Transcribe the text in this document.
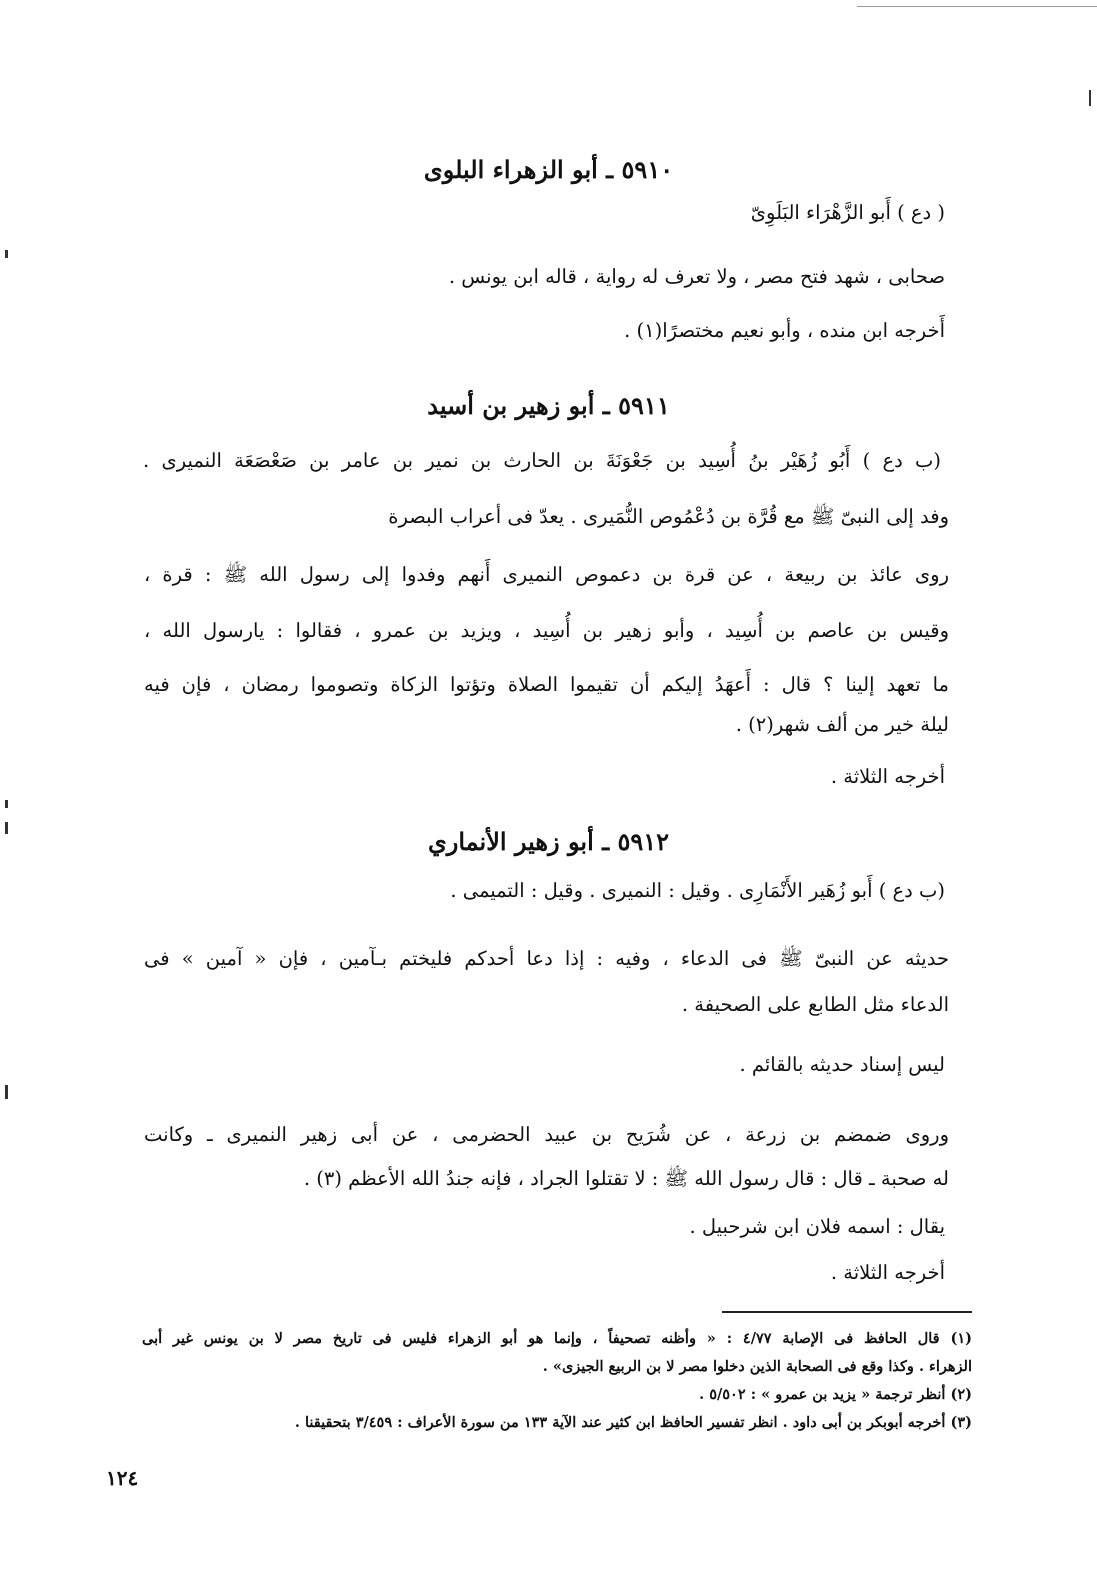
٥٩١٠ ـ أبو الزهراء البلوى
( دع ) أَبو الزَّهْرَاء البَلَوِىّ
صحابى ، شهد فتح مصر ، ولا تعرف له رواية ، قاله ابن يونس .
أَخرجه ابن منده ، وأبو نعيم مختصرًا(١) .
٥٩١١ ـ أبو زهير بن أسيد
(ب دع ) أَبُو زُهَيْر بنُ أُسِيد بن جَعْوَنَةَ بن الحارث بن نمير بن عامر بن صَعْصَعَة النميرى .
وفد إلى النبىّ ﷺ مع قُرَّة بن دُعْمُوص النُّمَيرى . يعدّ فى أعراب البصرة
روى عائذ بن ربيعة ، عن قرة بن دعموص النميرى أَنهم وفدوا إلى رسول الله ﷺ : قرة ،
وقيس بن عاصم بن أُسِيد ، وأبو زهير بن أُسِيد ، ويزيد بن عمرو ، فقالوا : يارسول الله ،
ما تعهد إلينا ؟ قال : أَعهَدُ إليكم أن تقيموا الصلاة وتؤتوا الزكاة وتصوموا رمضان ، فإن فيه
ليلة خير من ألف شهر(٢) .
أخرجه الثلاثة .
٥٩١٢ ـ أبو زهير الأنماري
(ب دع ) أَبو زُهَير الأَنْمَارِى . وقيل : النميرى . وقيل : التميمى .
حديثه عن النبىّ ﷺ فى الدعاء ، وفيه : إذا دعا أحدكم فليختم بـآمين ، فإن « آمين » فى
الدعاء مثل الطابع على الصحيفة .
ليس إسناد حديثه بالقائم .
وروى ضمضم بن زرعة ، عن شُرَيح بن عبيد الحضرمى ، عن أبى زهير النميرى ـ وكانت
له صحبة ـ قال : قال رسول الله ﷺ : لا تقتلوا الجراد ، فإنه جندُ الله الأعظم (٣) .
يقال : اسمه فلان ابن شرحبيل .
أخرجه الثلاثة .
(١) قال الحافظ فى الإصابة ٤/٧٧ : « وأظنه تصحيفاً ، وإنما هو أبو الزهراء فليس فى تاريخ مصر لا بن يونس غير أبى
الزهراء . وكذا وقع فى الصحابة الذين دخلوا مصر لا بن الربيع الجيزى» .
(٢) أنظر ترجمة « يزيد بن عمرو » : ٥/٥٠٢ .
(٣) أخرجه أبوبكر بن أبى داود . انظر تفسير الحافظ ابن كثير عند الآية ١٣٣ من سورة الأعراف : ٣/٤٥٩ بتحقيقنا .
١٢٤
